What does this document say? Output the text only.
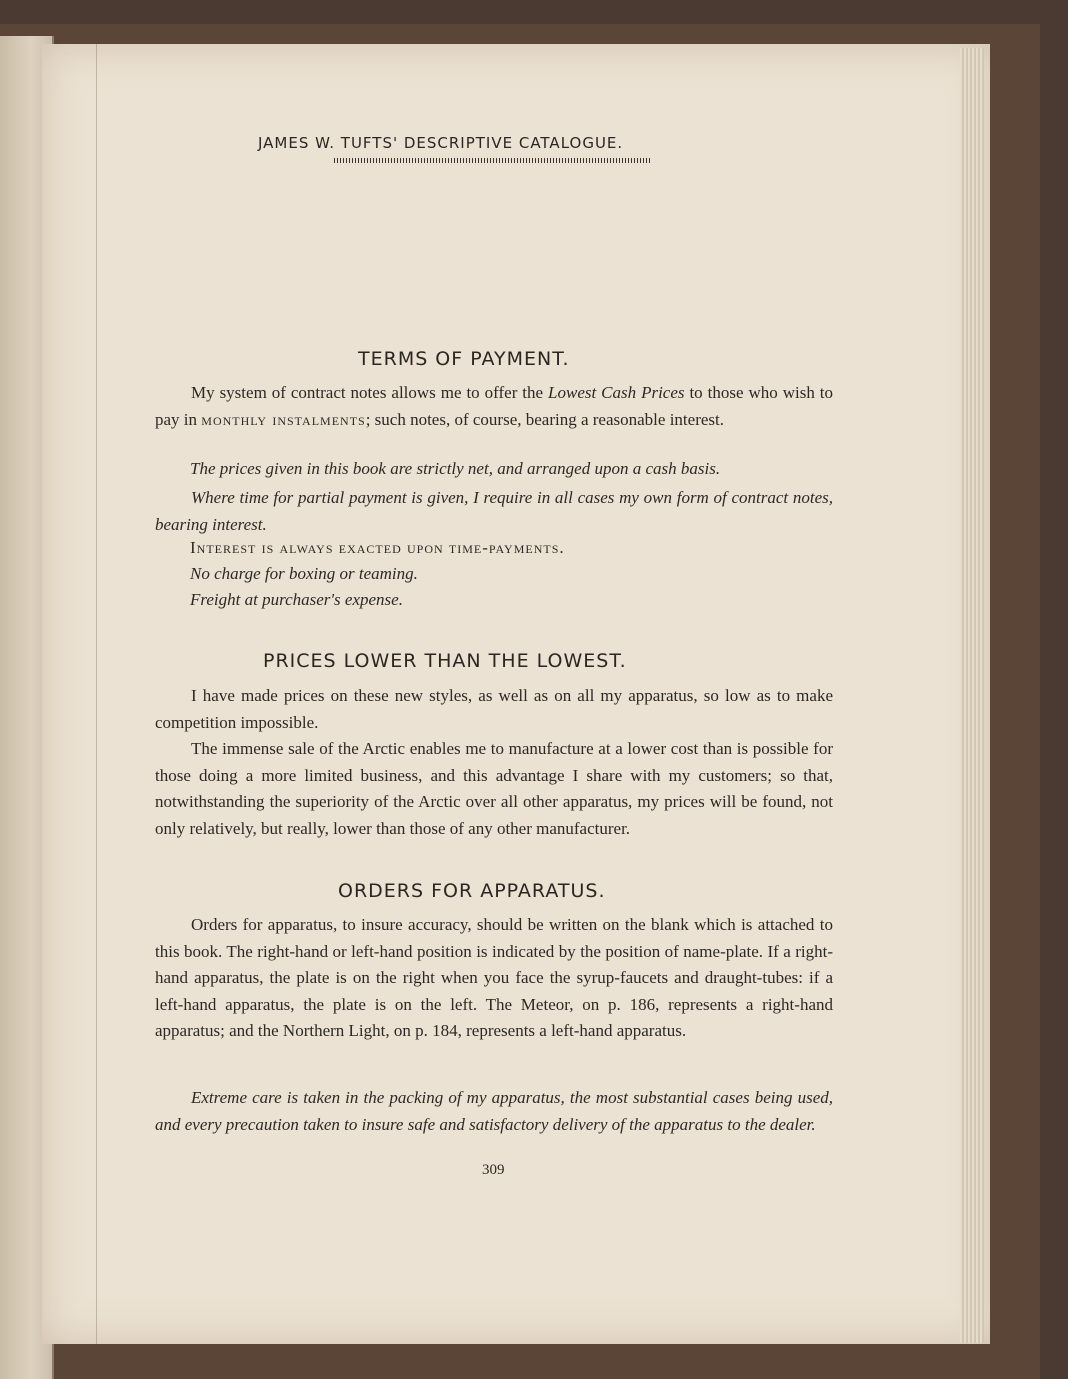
JAMES W. TUFTS' DESCRIPTIVE CATALOGUE.
TERMS OF PAYMENT.
My system of contract notes allows me to offer the Lowest Cash Prices to those who wish to pay in monthly instalments; such notes, of course, bearing a reasonable interest.
The prices given in this book are strictly net, and arranged upon a cash basis.
Where time for partial payment is given, I require in all cases my own form of contract notes, bearing interest.
Interest is always exacted upon time-payments.
No charge for boxing or teaming.
Freight at purchaser's expense.
PRICES LOWER THAN THE LOWEST.
I have made prices on these new styles, as well as on all my apparatus, so low as to make competition impossible.
The immense sale of the Arctic enables me to manufacture at a lower cost than is possible for those doing a more limited business, and this advantage I share with my customers; so that, notwithstanding the superiority of the Arctic over all other apparatus, my prices will be found, not only relatively, but really, lower than those of any other manufacturer.
ORDERS FOR APPARATUS.
Orders for apparatus, to insure accuracy, should be written on the blank which is attached to this book. The right-hand or left-hand position is indicated by the position of name-plate. If a right-hand apparatus, the plate is on the right when you face the syrup-faucets and draught-tubes: if a left-hand apparatus, the plate is on the left. The Meteor, on p. 186, represents a right-hand apparatus; and the Northern Light, on p. 184, represents a left-hand apparatus.
Extreme care is taken in the packing of my apparatus, the most substantial cases being used, and every precaution taken to insure safe and satisfactory delivery of the apparatus to the dealer.
309
